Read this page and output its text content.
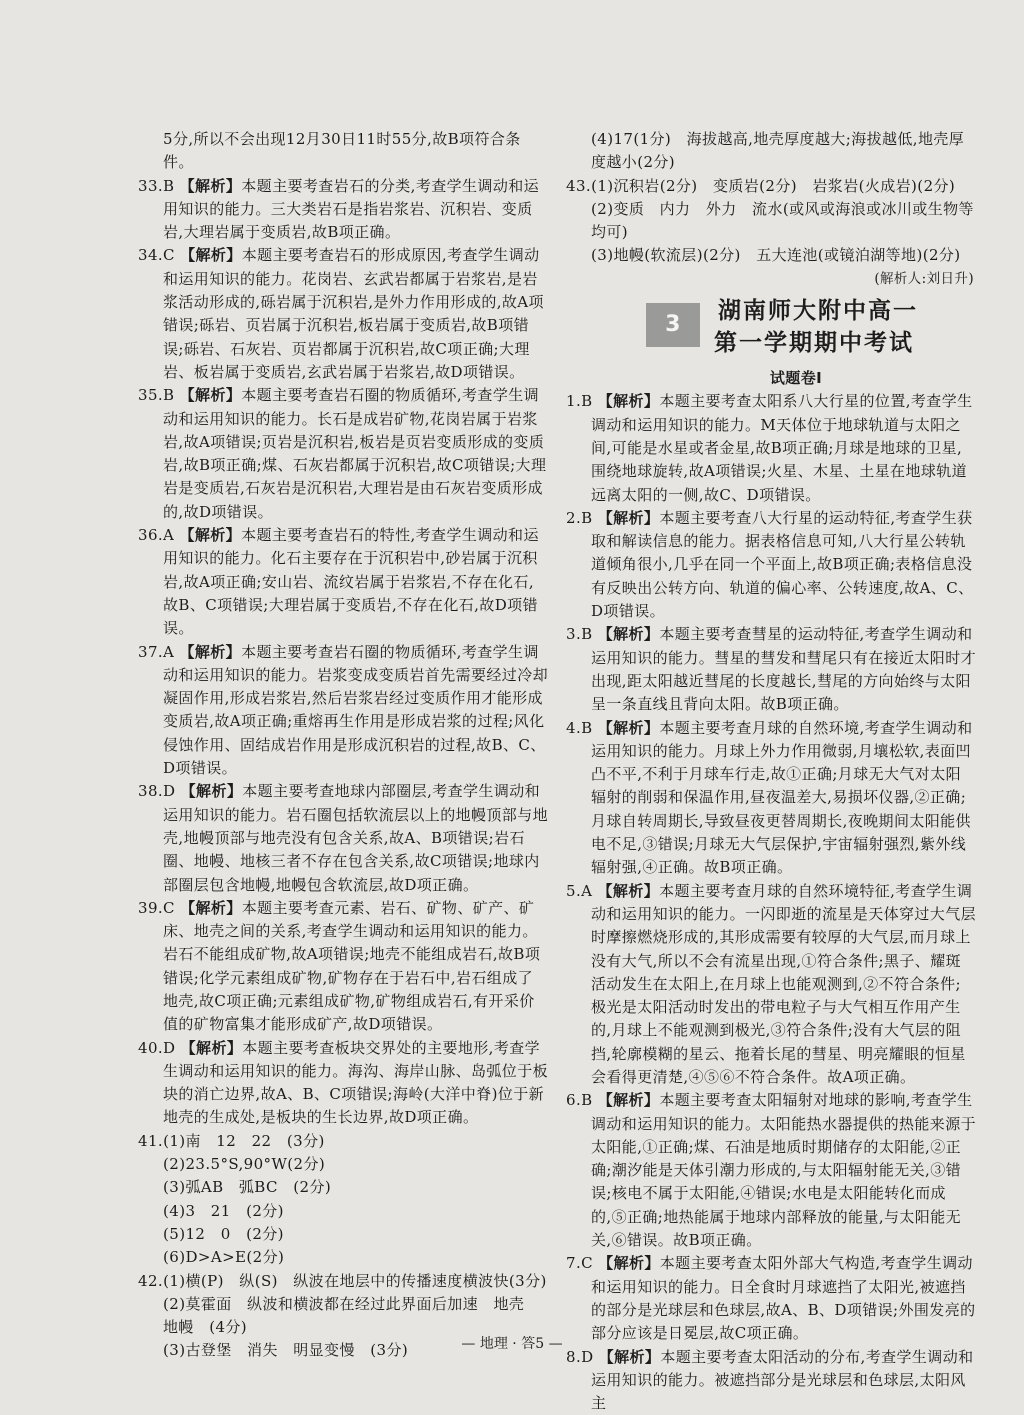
5分,所以不会出现12月30日11时55分,故B项符合条件。
33.B 【解析】本题主要考查岩石的分类,考查学生调动和运用知识的能力。三大类岩石是指岩浆岩、沉积岩、变质岩,大理岩属于变质岩,故B项正确。
34.C 【解析】本题主要考查岩石的形成原因,考查学生调动和运用知识的能力。花岗岩、玄武岩都属于岩浆岩,是岩浆活动形成的,砾岩属于沉积岩,是外力作用形成的,故A项错误;砾岩、页岩属于沉积岩,板岩属于变质岩,故B项错误;砾岩、石灰岩、页岩都属于沉积岩,故C项正确;大理岩、板岩属于变质岩,玄武岩属于岩浆岩,故D项错误。
35.B 【解析】本题主要考查岩石圈的物质循环,考查学生调动和运用知识的能力。长石是成岩矿物,花岗岩属于岩浆岩,故A项错误;页岩是沉积岩,板岩是页岩变质形成的变质岩,故B项正确;煤、石灰岩都属于沉积岩,故C项错误;大理岩是变质岩,石灰岩是沉积岩,大理岩是由石灰岩变质形成的,故D项错误。
36.A 【解析】本题主要考查岩石的特性,考查学生调动和运用知识的能力。化石主要存在于沉积岩中,砂岩属于沉积岩,故A项正确;安山岩、流纹岩属于岩浆岩,不存在化石,故B、C项错误;大理岩属于变质岩,不存在化石,故D项错误。
37.A 【解析】本题主要考查岩石圈的物质循环,考查学生调动和运用知识的能力。岩浆变成变质岩首先需要经过冷却凝固作用,形成岩浆岩,然后岩浆岩经过变质作用才能形成变质岩,故A项正确;重熔再生作用是形成岩浆的过程;风化侵蚀作用、固结成岩作用是形成沉积岩的过程,故B、C、D项错误。
38.D 【解析】本题主要考查地球内部圈层,考查学生调动和运用知识的能力。岩石圈包括软流层以上的地幔顶部与地壳,地幔顶部与地壳没有包含关系,故A、B项错误;岩石圈、地幔、地核三者不存在包含关系,故C项错误;地球内部圈层包含地幔,地幔包含软流层,故D项正确。
39.C 【解析】本题主要考查元素、岩石、矿物、矿产、矿床、地壳之间的关系,考查学生调动和运用知识的能力。岩石不能组成矿物,故A项错误;地壳不能组成岩石,故B项错误;化学元素组成矿物,矿物存在于岩石中,岩石组成了地壳,故C项正确;元素组成矿物,矿物组成岩石,有开采价值的矿物富集才能形成矿产,故D项错误。
40.D 【解析】本题主要考查板块交界处的主要地形,考查学生调动和运用知识的能力。海沟、海岸山脉、岛弧位于板块的消亡边界,故A、B、C项错误;海岭(大洋中脊)位于新地壳的生成处,是板块的生长边界,故D项正确。
41.(1)南　12　22　(3分)
(2)23.5°S,90°W(2分)
(3)弧AB　弧BC　(2分)
(4)3　21　(2分)
(5)12　0　(2分)
(6)D>A>E(2分)
42.(1)横(P)　纵(S)　纵波在地层中的传播速度横波快(3分)
(2)莫霍面　纵波和横波都在经过此界面后加速　地壳　地幔　(4分)
(3)古登堡　消失　明显变慢　(3分)
(4)17(1分)　海拔越高,地壳厚度越大;海拔越低,地壳厚度越小(2分)
43.(1)沉积岩(2分)　变质岩(2分)　岩浆岩(火成岩)(2分)
(2)变质　内力　外力　流水(或风或海浪或冰川或生物等均可)
(3)地幔(软流层)(2分)　五大连池(或镜泊湖等地)(2分)
(解析人:刘日升)
3
湖南师大附中高一
第一学期期中考试
试题卷Ⅰ
1.B 【解析】本题主要考查太阳系八大行星的位置,考查学生调动和运用知识的能力。M天体位于地球轨道与太阳之间,可能是水星或者金星,故B项正确;月球是地球的卫星,围绕地球旋转,故A项错误;火星、木星、土星在地球轨道远离太阳的一侧,故C、D项错误。
2.B 【解析】本题主要考查八大行星的运动特征,考查学生获取和解读信息的能力。据表格信息可知,八大行星公转轨道倾角很小,几乎在同一个平面上,故B项正确;表格信息没有反映出公转方向、轨道的偏心率、公转速度,故A、C、D项错误。
3.B 【解析】本题主要考查彗星的运动特征,考查学生调动和运用知识的能力。彗星的彗发和彗尾只有在接近太阳时才出现,距太阳越近彗尾的长度越长,彗尾的方向始终与太阳呈一条直线且背向太阳。故B项正确。
4.B 【解析】本题主要考查月球的自然环境,考查学生调动和运用知识的能力。月球上外力作用微弱,月壤松软,表面凹凸不平,不利于月球车行走,故①正确;月球无大气对太阳辐射的削弱和保温作用,昼夜温差大,易损坏仪器,②正确;月球自转周期长,导致昼夜更替周期长,夜晚期间太阳能供电不足,③错误;月球无大气层保护,宇宙辐射强烈,紫外线辐射强,④正确。故B项正确。
5.A 【解析】本题主要考查月球的自然环境特征,考查学生调动和运用知识的能力。一闪即逝的流星是天体穿过大气层时摩擦燃烧形成的,其形成需要有较厚的大气层,而月球上没有大气,所以不会有流星出现,①符合条件;黑子、耀斑活动发生在太阳上,在月球上也能观测到,②不符合条件;极光是太阳活动时发出的带电粒子与大气相互作用产生的,月球上不能观测到极光,③符合条件;没有大气层的阻挡,轮廓模糊的星云、拖着长尾的彗星、明亮耀眼的恒星会看得更清楚,④⑤⑥不符合条件。故A项正确。
6.B 【解析】本题主要考查太阳辐射对地球的影响,考查学生调动和运用知识的能力。太阳能热水器提供的热能来源于太阳能,①正确;煤、石油是地质时期储存的太阳能,②正确;潮汐能是天体引潮力形成的,与太阳辐射能无关,③错误;核电不属于太阳能,④错误;水电是太阳能转化而成的,⑤正确;地热能属于地球内部释放的能量,与太阳能无关,⑥错误。故B项正确。
7.C 【解析】本题主要考查太阳外部大气构造,考查学生调动和运用知识的能力。日全食时月球遮挡了太阳光,被遮挡的部分是光球层和色球层,故A、B、D项错误;外围发亮的部分应该是日冕层,故C项正确。
8.D 【解析】本题主要考查太阳活动的分布,考查学生调动和运用知识的能力。被遮挡部分是光球层和色球层,太阳风主
— 地理 · 答5 —
